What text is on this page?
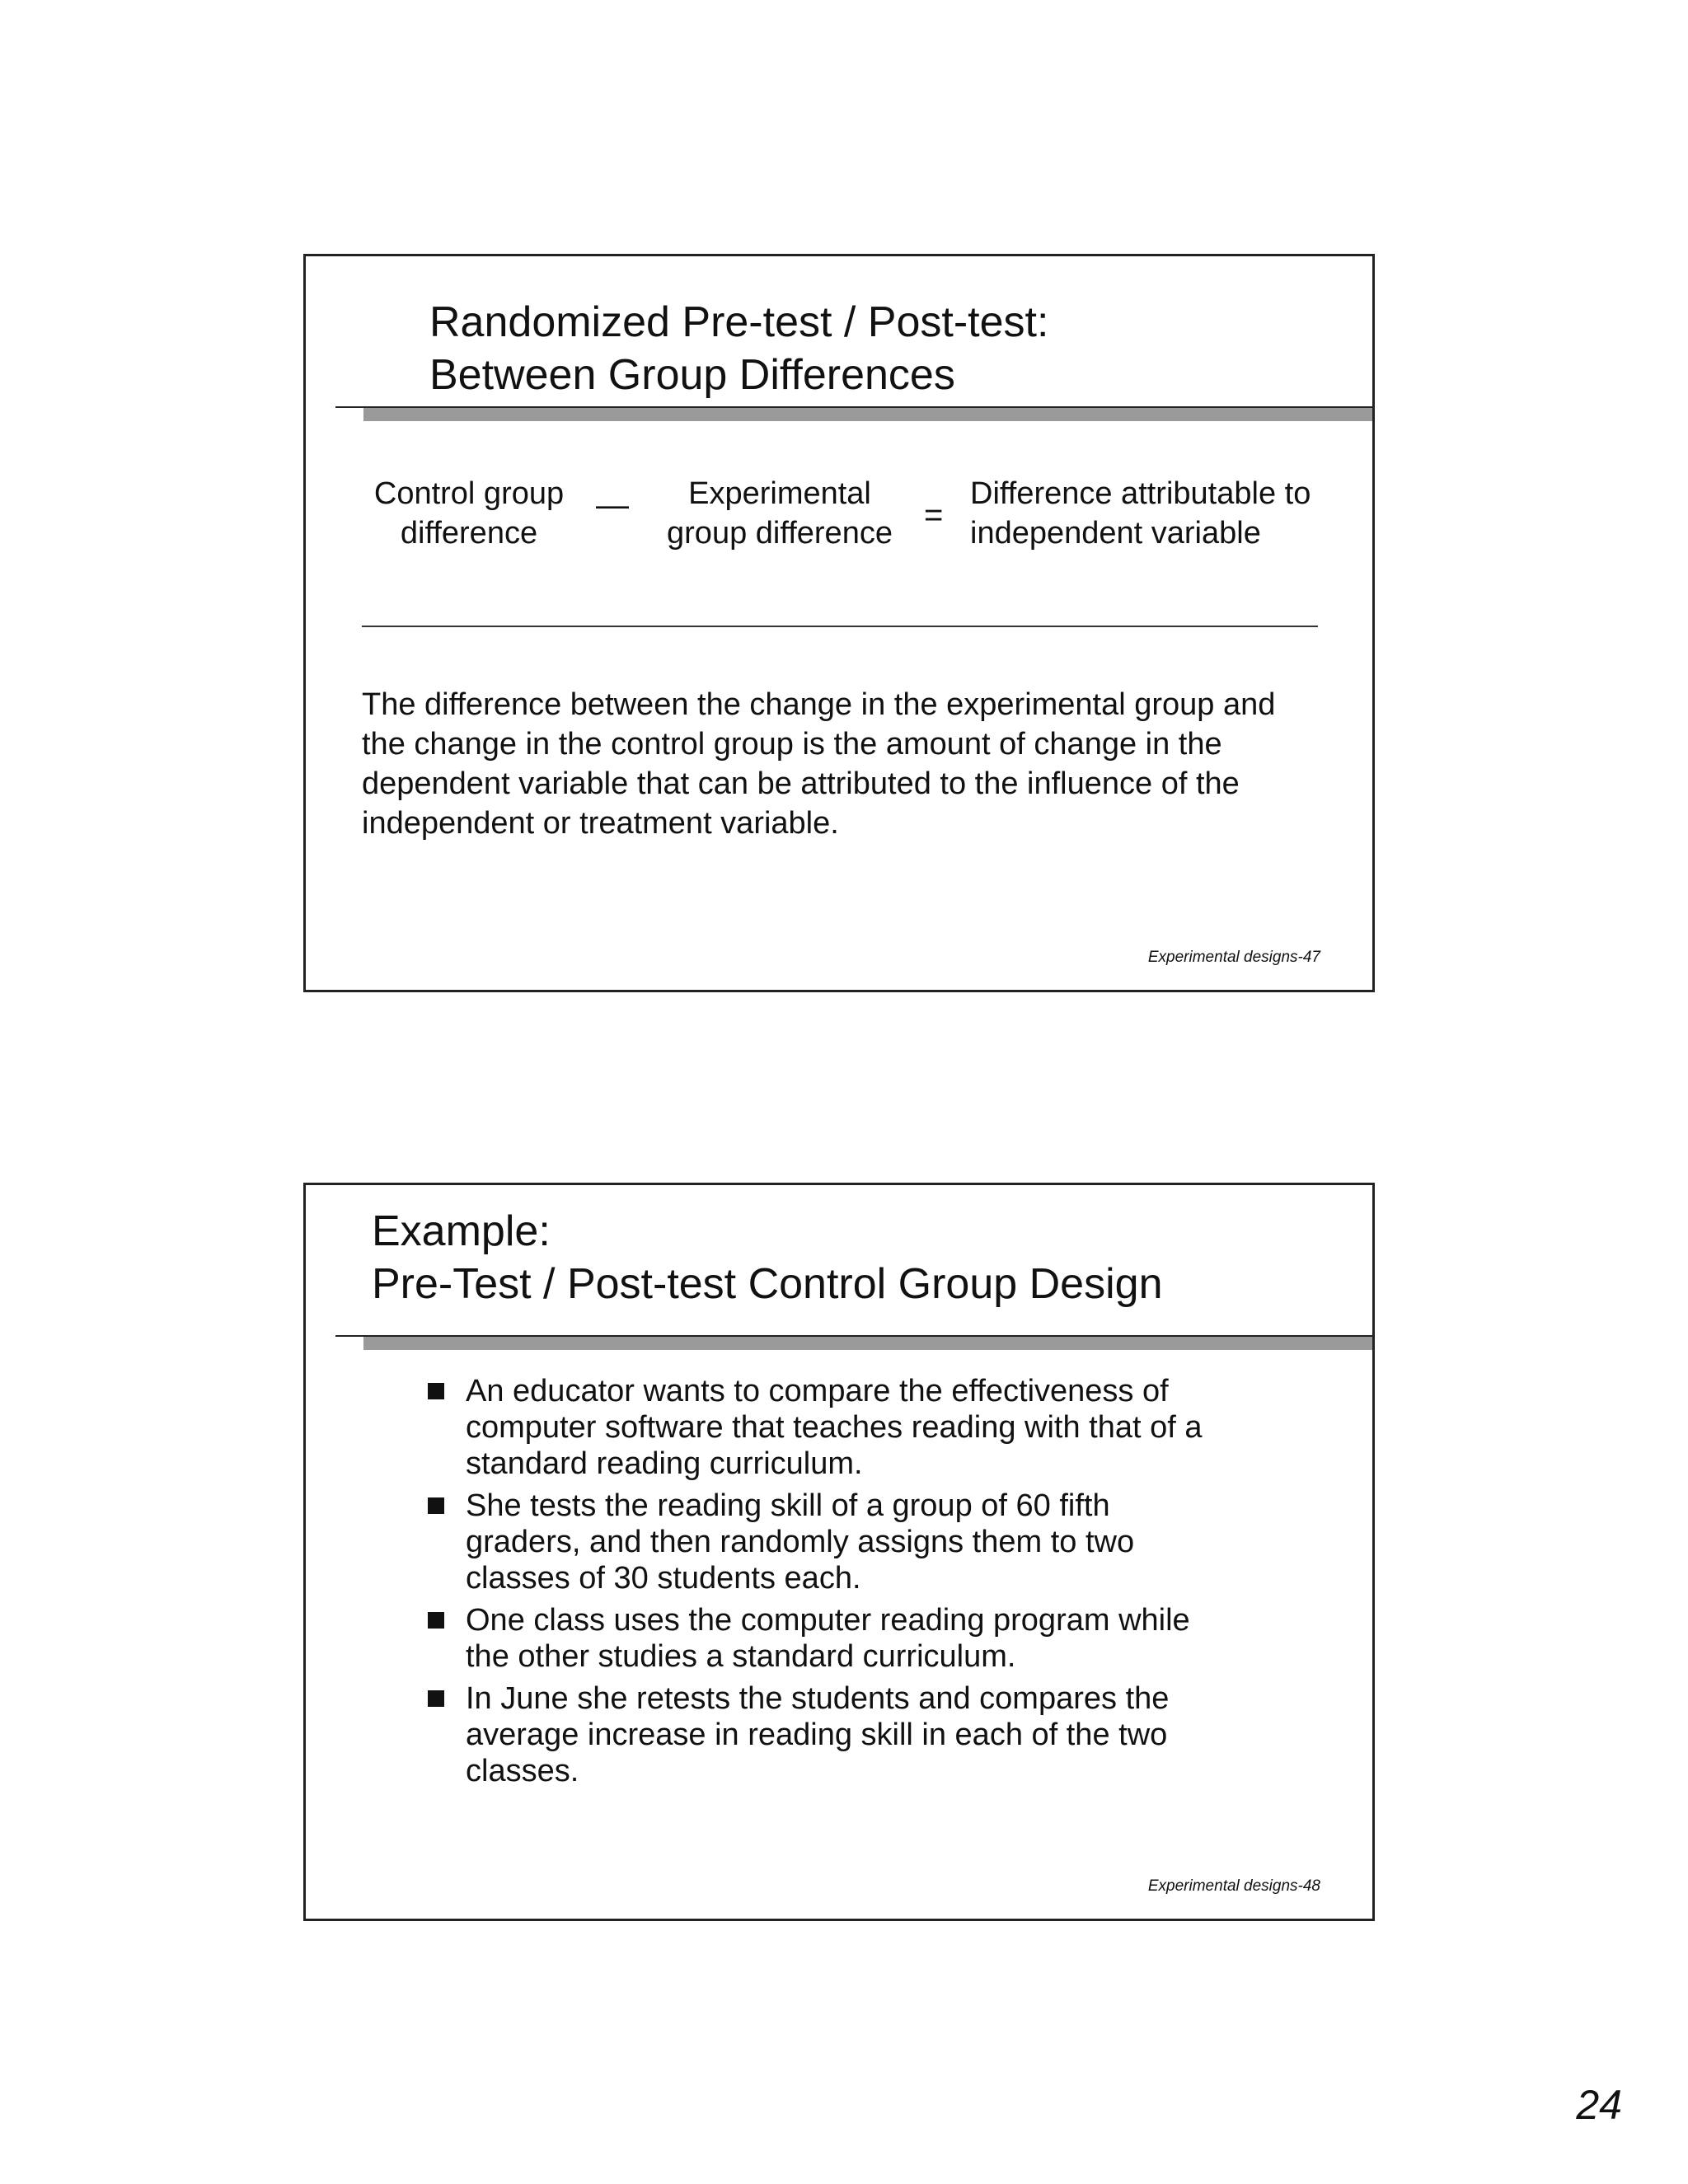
Randomized Pre-test / Post-test:
Between Group Differences
Control group
difference
—	Experimental
group difference =
Difference attributable to
independent variable
The difference between the change in the experimental group and
the change in the control group is the amount of change in the
dependent variable that can be attributed to the influence of the
independent or treatment variable.
Experimental designs-47
Example:
Pre-Test / Post-test Control Group Design
An educator wants to compare the effectiveness of
computer software that teaches reading with that of a
standard reading curriculum.
She tests the reading skill of a group of 60 fifth
graders, and then randomly assigns them to two
classes of 30 students each.
One class uses the computer reading program while
the other studies a standard curriculum.
In June she retests the students and compares the
average increase in reading skill in each of the two
classes.
Experimental designs-48
24
